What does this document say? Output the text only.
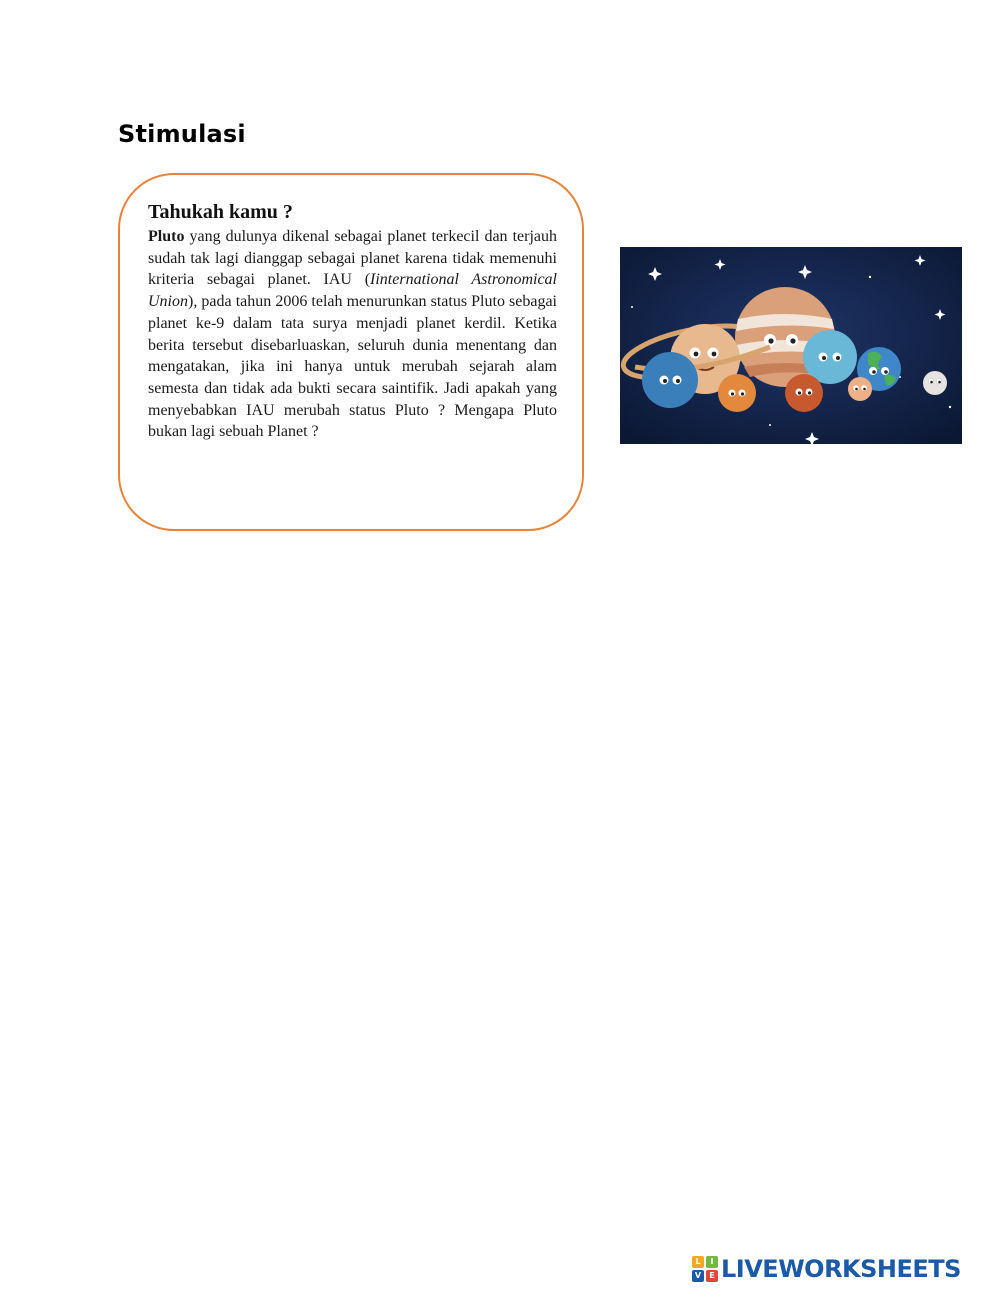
Stimulasi
Tahukah kamu ?
Pluto yang dulunya dikenal sebagai planet terkecil dan terjauh sudah tak lagi dianggap sebagai planet karena tidak memenuhi kriteria sebagai planet. IAU (Iinternational Astronomical Union), pada tahun 2006 telah menurunkan status Pluto sebagai planet ke-9 dalam tata surya menjadi planet kerdil. Ketika berita tersebut disebarluaskan, seluruh dunia menentang dan mengatakan, jika ini hanya untuk merubah sejarah alam semesta dan tidak ada bukti secara saintifik. Jadi apakah yang menyebabkan IAU merubah status Pluto ? Mengapa Pluto bukan lagi sebuah Planet ?
L	I
V	E LIVEWORKSHEETS
